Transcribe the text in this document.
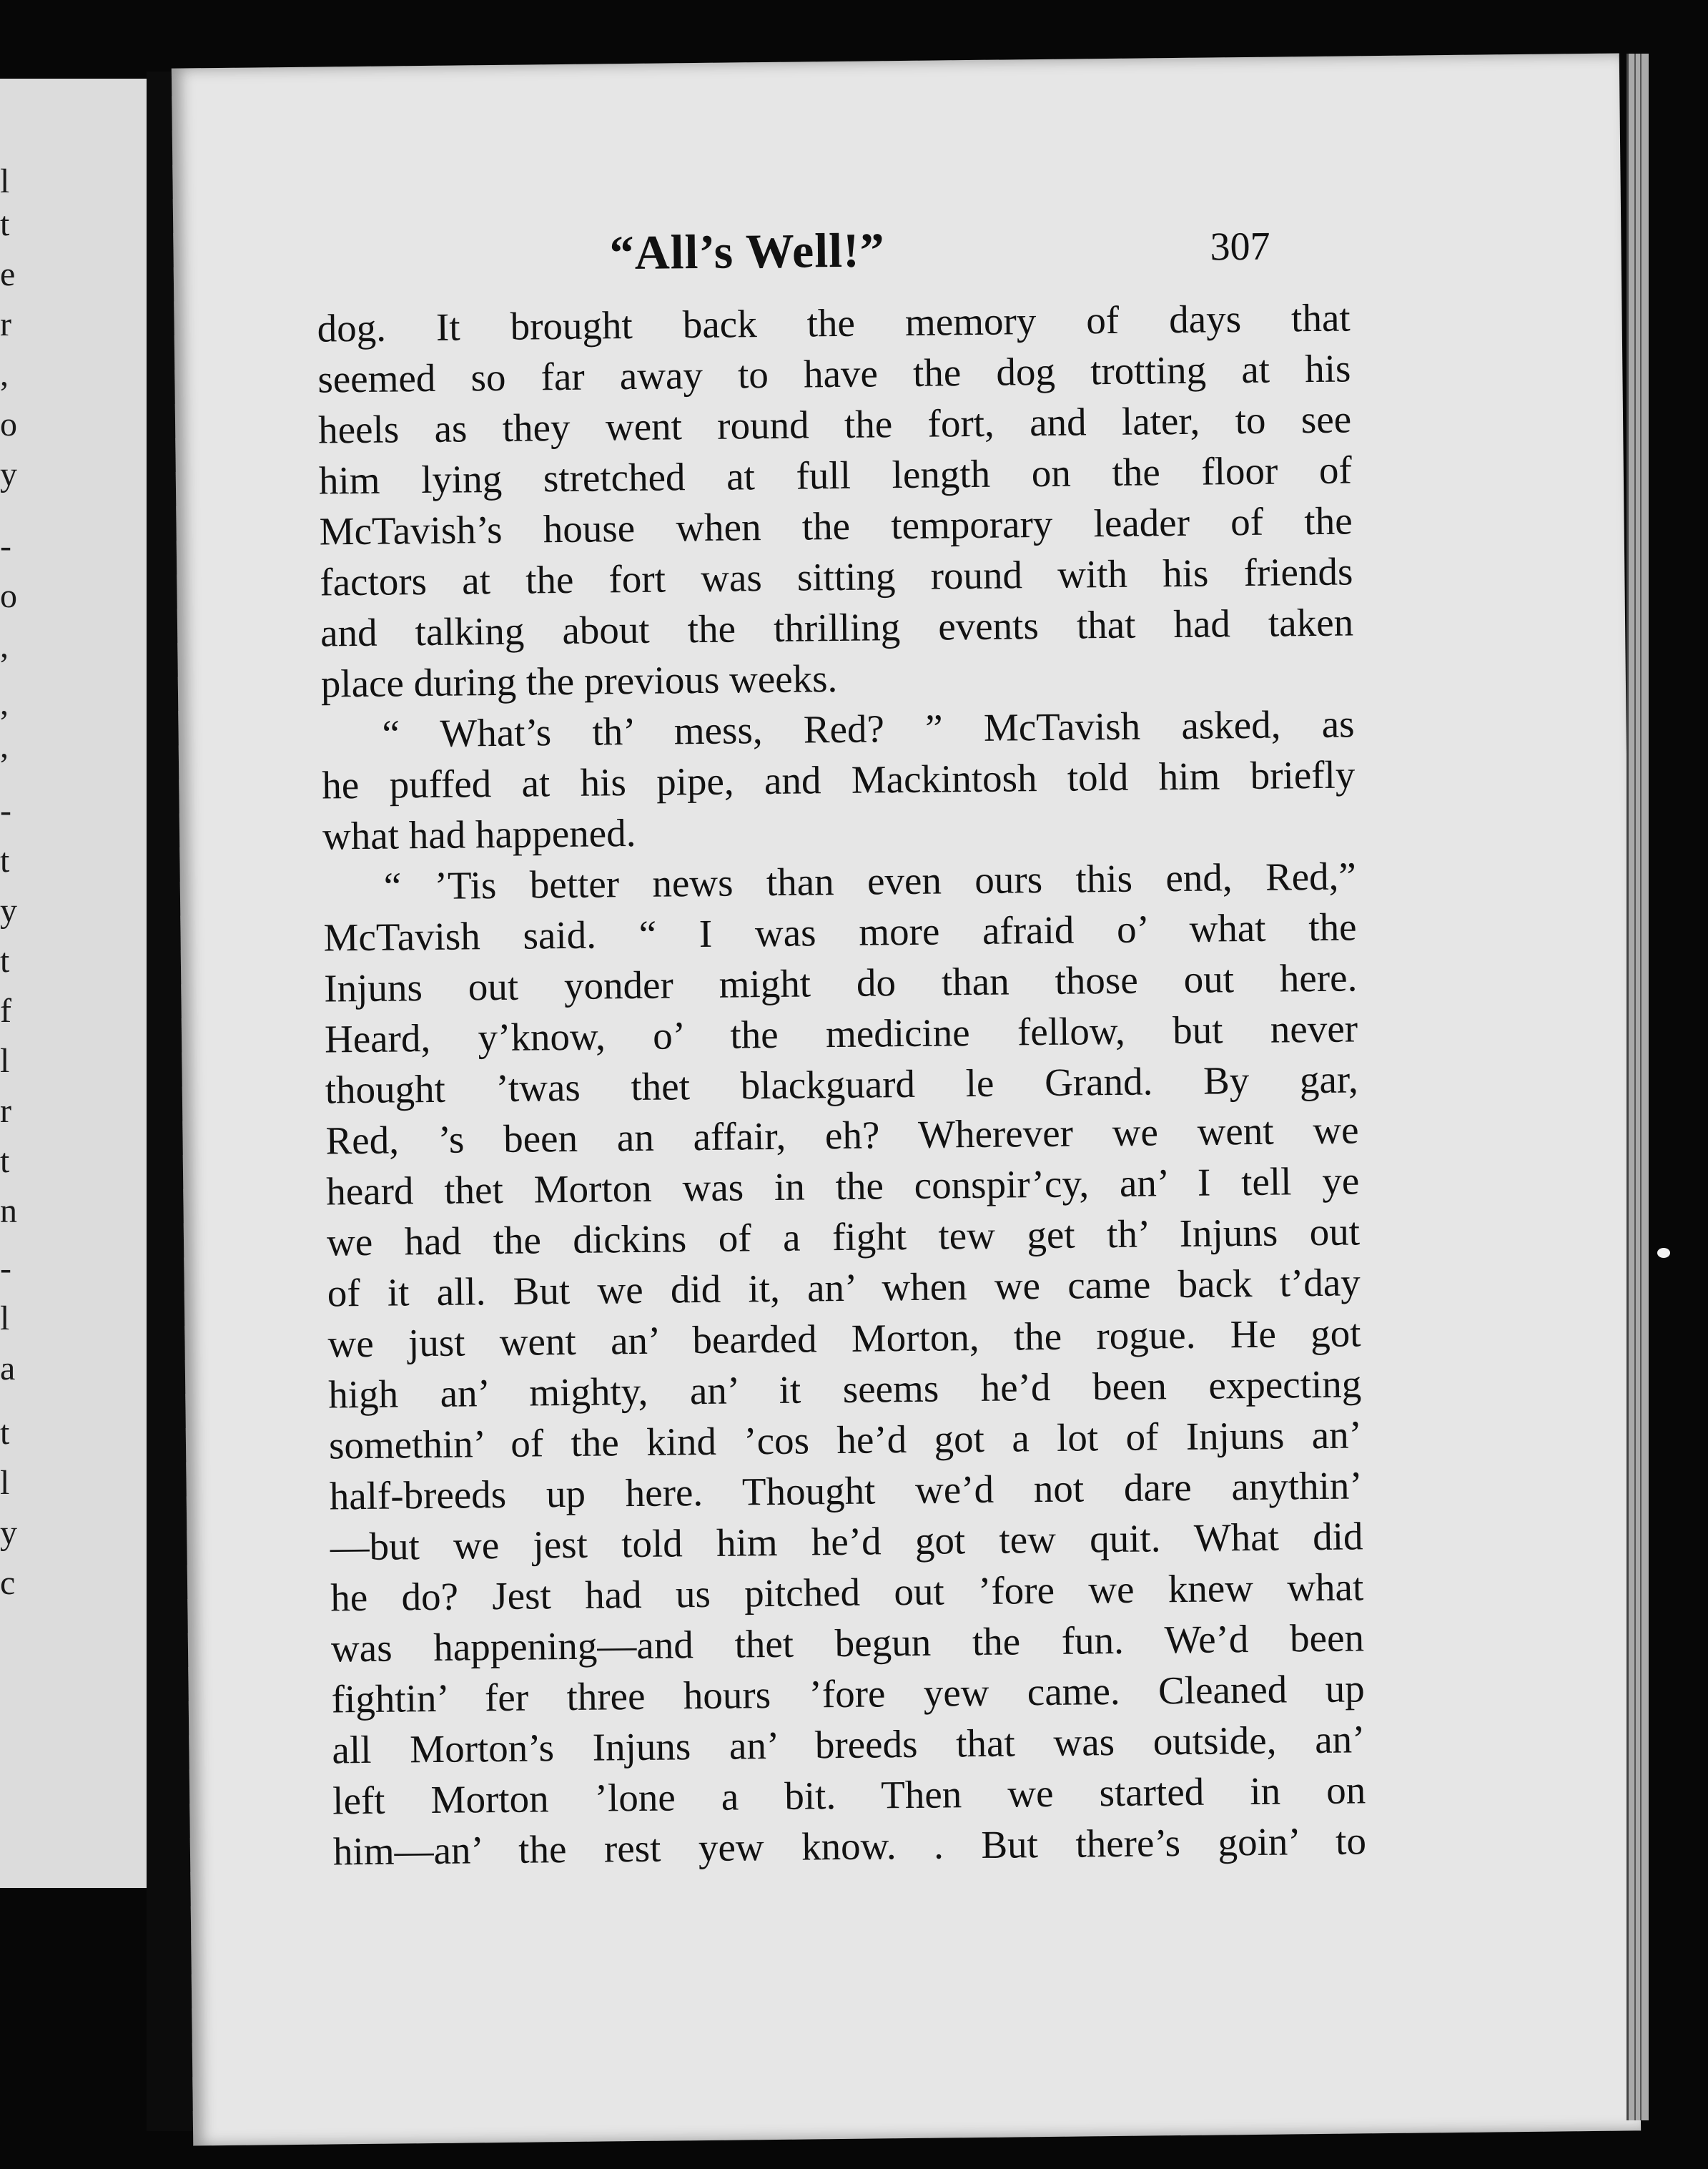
l
t
e
r
,
o
y
-
o
,
,
,
-
t
y
t
f
l
r
t
n
-
l
a
t
l
y
c
“All’s Well!”	307
dog. It brought back the memory of days that
seemed so far away to have the dog trotting at his
heels as they went round the fort, and later, to see
him lying stretched at full length on the floor of
McTavish’s house when the temporary leader of the
factors at the fort was sitting round with his friends
and talking about the thrilling events that had taken
place during the previous weeks.
“ What’s th’ mess, Red? ” McTavish asked, as
he puffed at his pipe, and Mackintosh told him briefly
what had happened.
“ ’Tis better news than even ours this end, Red,”
McTavish said. “ I was more afraid o’ what the
Injuns out yonder might do than those out here.
Heard, y’know, o’ the medicine fellow, but never
thought ’twas thet blackguard le Grand. By gar,
Red, ’s been an affair, eh? Wherever we went we
heard thet Morton was in the conspir’cy, an’ I tell ye
we had the dickins of a fight tew get th’ Injuns out
of it all. But we did it, an’ when we came back t’day
we just went an’ bearded Morton, the rogue. He got
high an’ mighty, an’ it seems he’d been expecting
somethin’ of the kind ’cos he’d got a lot of Injuns an’
half-breeds up here. Thought we’d not dare anythin’
—but we jest told him he’d got tew quit. What did
he do? Jest had us pitched out ’fore we knew what
was happening—and thet begun the fun. We’d been
fightin’ fer three hours ’fore yew came. Cleaned up
all Morton’s Injuns an’ breeds that was outside, an’
left Morton ’lone a bit. Then we started in on
him—an’ the rest yew know. . But there’s goin’ to
